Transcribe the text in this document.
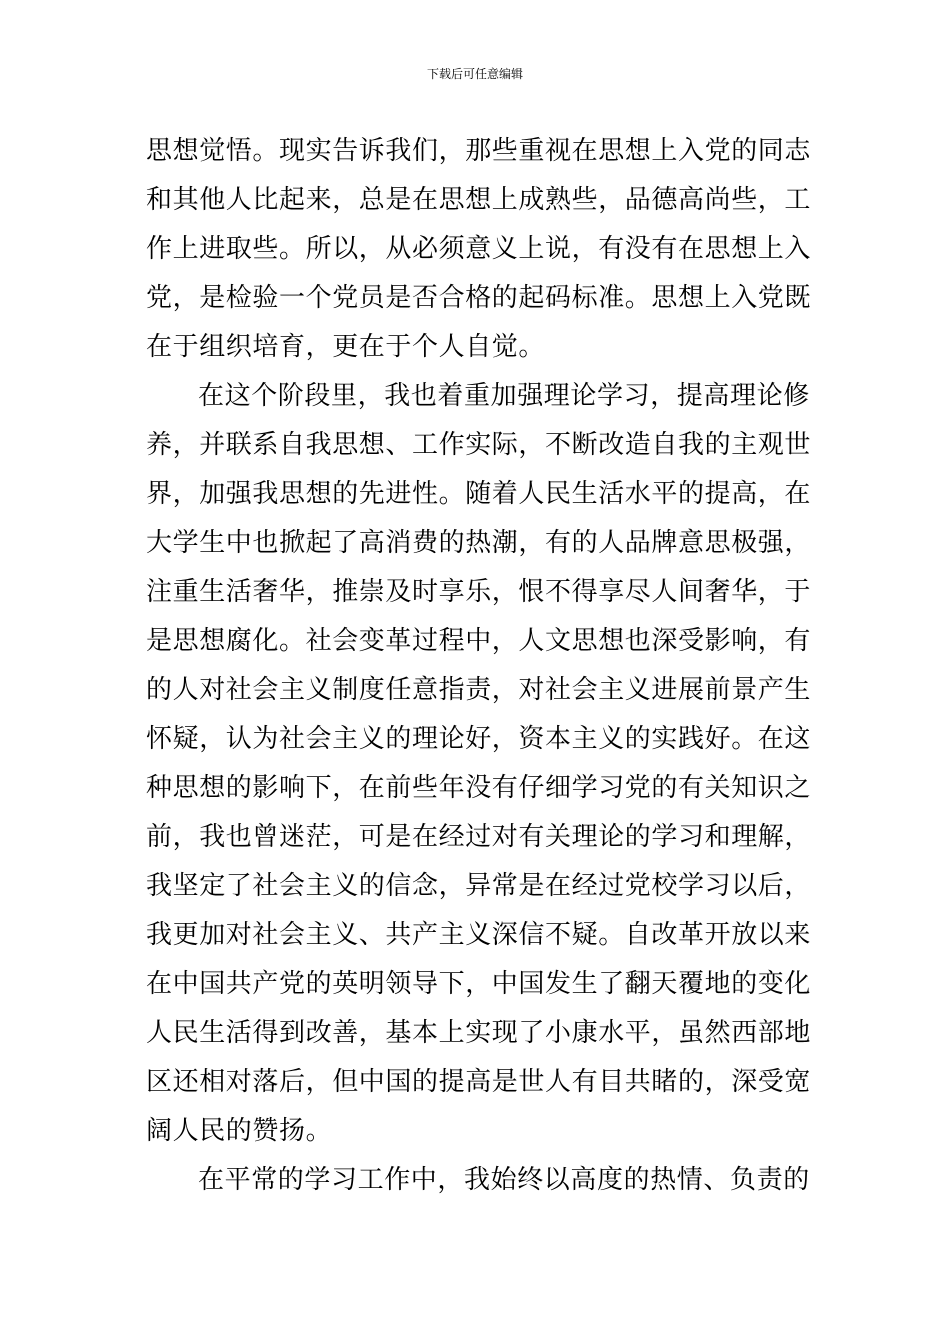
下载后可任意编辑
思想觉悟。现实告诉我们，那些重视在思想上入党的同志
和其他人比起来，总是在思想上成熟些，品德高尚些，工
作上进取些。所以，从必须意义上说，有没有在思想上入
党，是检验一个党员是否合格的起码标准。思想上入党既
在于组织培育，更在于个人自觉。
在这个阶段里，我也着重加强理论学习，提高理论修
养，并联系自我思想、工作实际，不断改造自我的主观世
界，加强我思想的先进性。随着人民生活水平的提高，在
大学生中也掀起了高消费的热潮，有的人品牌意思极强，
注重生活奢华，推崇及时享乐，恨不得享尽人间奢华，于
是思想腐化。社会变革过程中，人文思想也深受影响，有
的人对社会主义制度任意指责，对社会主义进展前景产生
怀疑，认为社会主义的理论好，资本主义的实践好。在这
种思想的影响下，在前些年没有仔细学习党的有关知识之
前，我也曾迷茫，可是在经过对有关理论的学习和理解，
我坚定了社会主义的信念，异常是在经过党校学习以后，
我更加对社会主义、共产主义深信不疑。自改革开放以来
在中国共产党的英明领导下，中国发生了翻天覆地的变化
人民生活得到改善，基本上实现了小康水平，虽然西部地
区还相对落后，但中国的提高是世人有目共睹的，深受宽
阔人民的赞扬。
在平常的学习工作中，我始终以高度的热情、负责的
